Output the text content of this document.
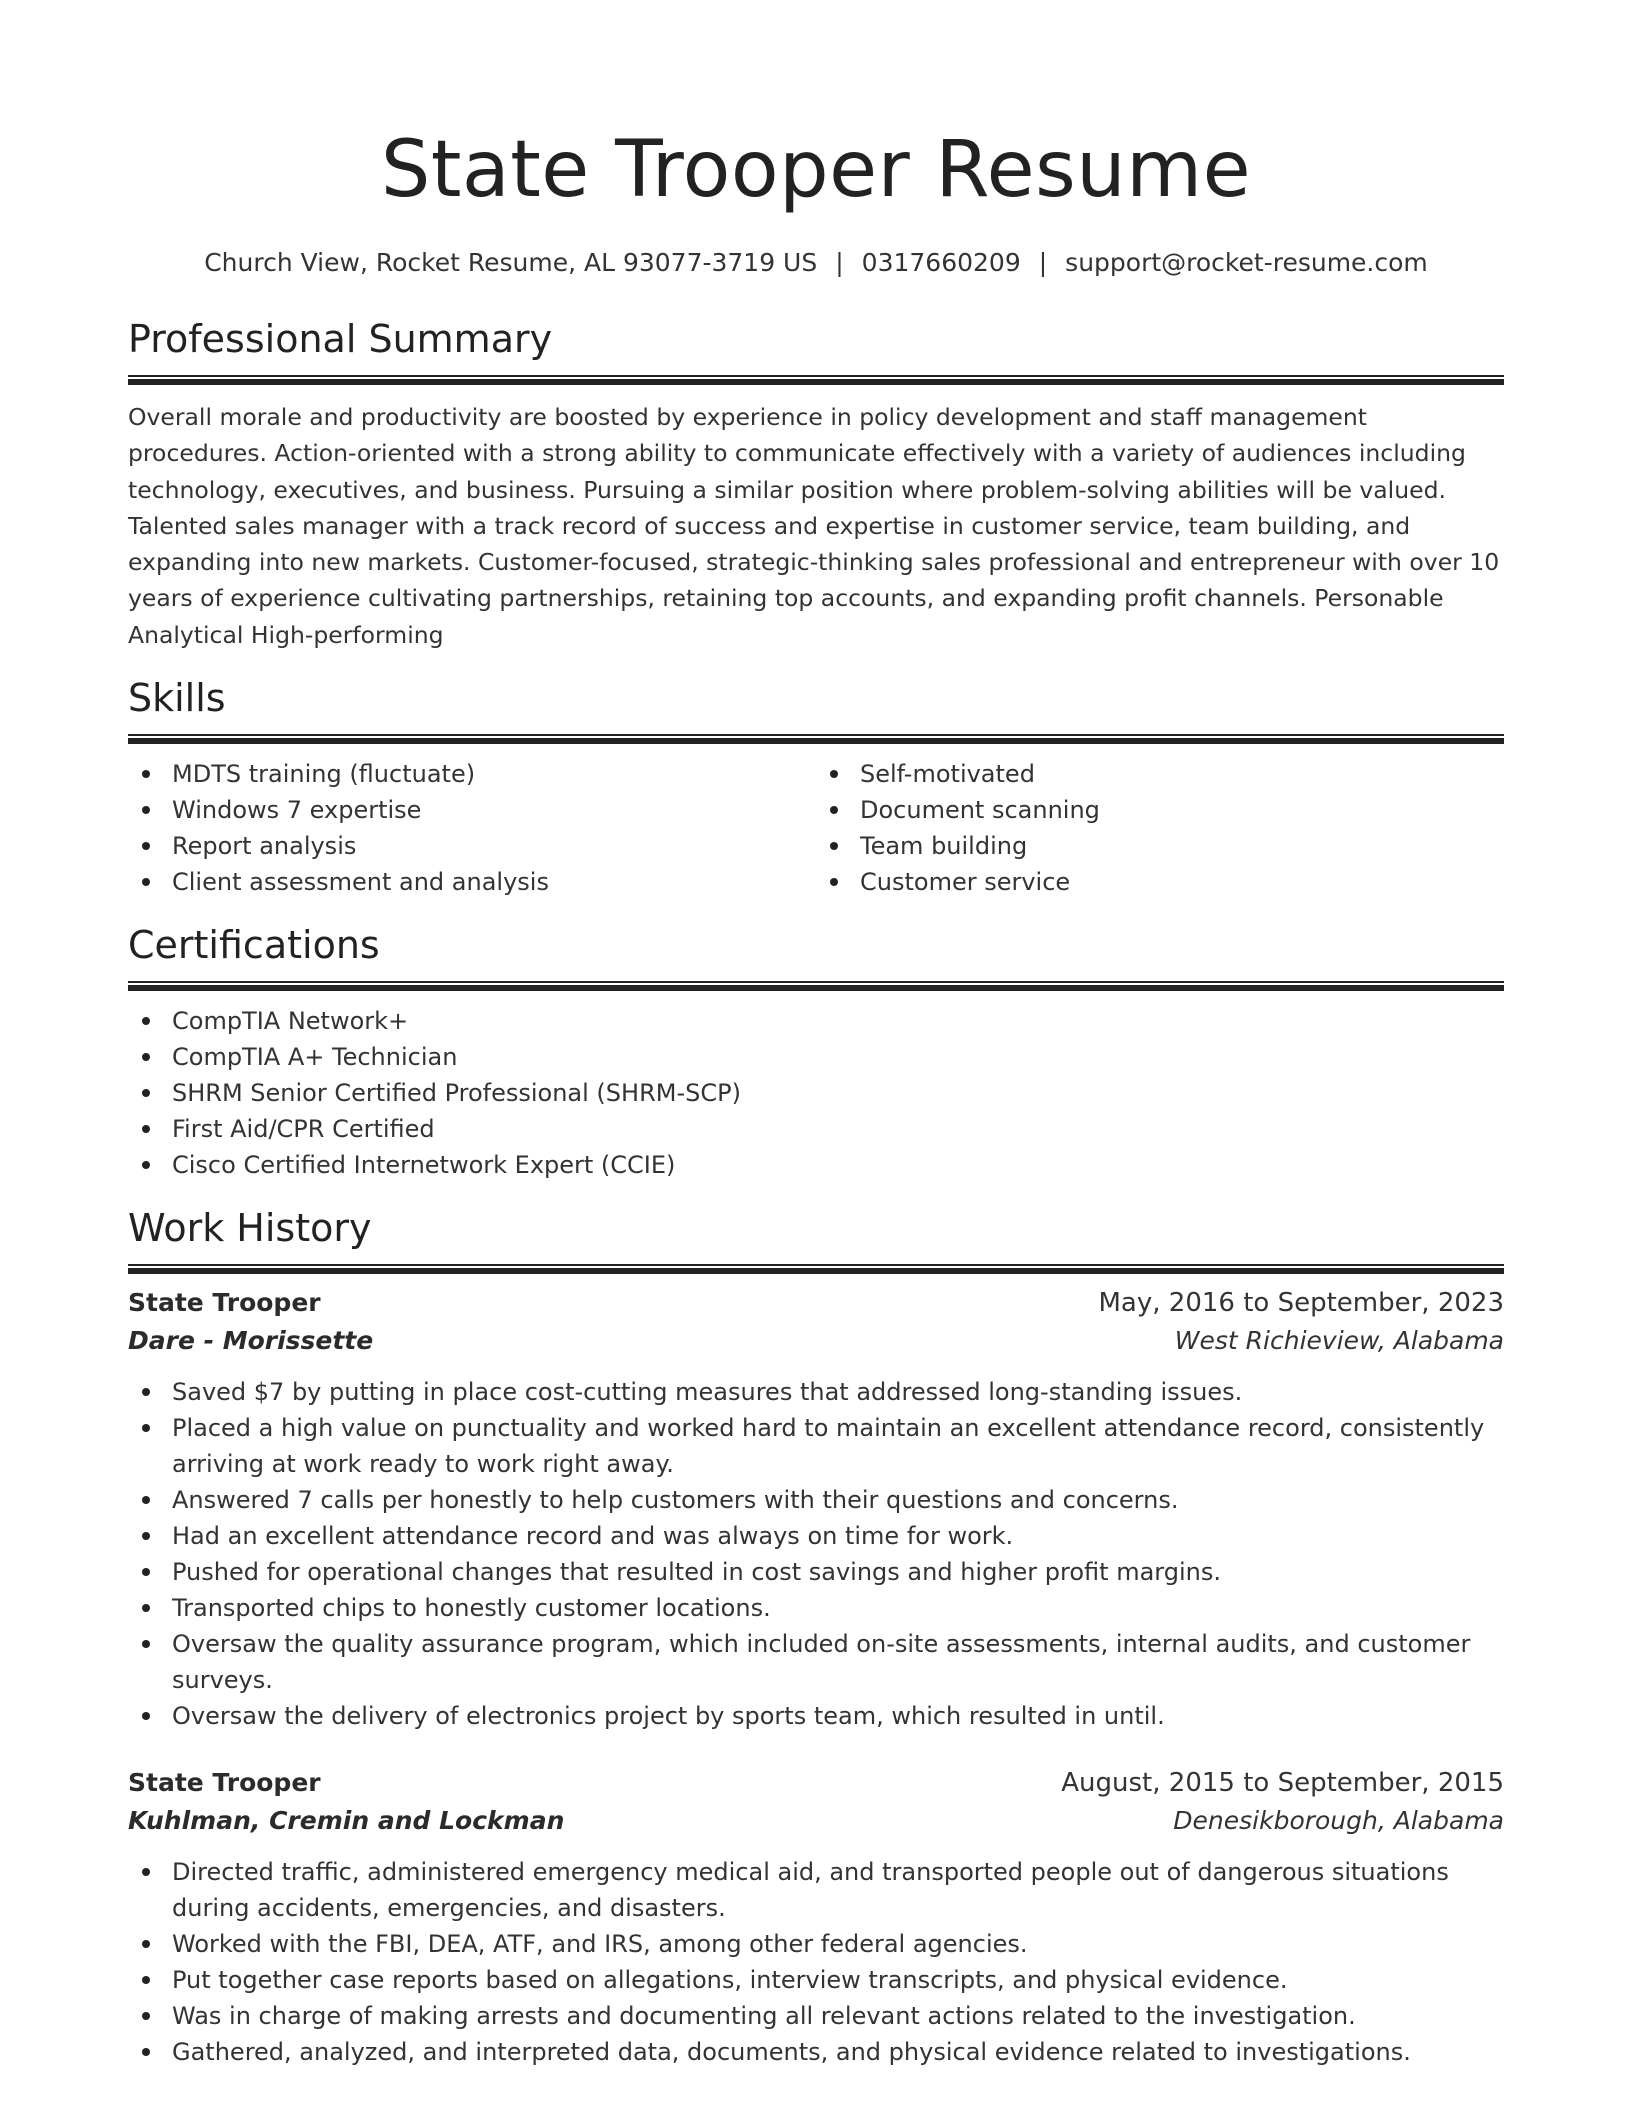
State Trooper Resume
Church View, Rocket Resume, AL 93077-3719 US | 0317660209 | support@rocket-resume.com
Professional Summary

Overall morale and productivity are boosted by experience in policy development and staff management procedures. Action-oriented with a strong ability to communicate effectively with a variety of audiences including technology, executives, and business. Pursuing a similar position where problem-solving abilities will be valued. Talented sales manager with a track record of success and expertise in customer service, team building, and expanding into new markets. Customer-focused, strategic-thinking sales professional and entrepreneur with over 10 years of experience cultivating partnerships, retaining top accounts, and expanding profit channels. Personable Analytical High-performing

Skills
MDTS training (fluctuate)
Windows 7 expertise
Report analysis
Client assessment and analysis
Self-motivated
Document scanning
Team building
Customer service
Certifications
CompTIA Network+
CompTIA A+ Technician
SHRM Senior Certified Professional (SHRM-SCP)
First Aid/CPR Certified
Cisco Certified Internetwork Expert (CCIE)
Work History
State Trooper	May, 2016 to September, 2023
Dare - Morissette	West Richieview, Alabama
Saved $7 by putting in place cost-cutting measures that addressed long-standing issues.
Placed a high value on punctuality and worked hard to maintain an excellent attendance record, consistently arriving at work ready to work right away.
Answered 7 calls per honestly to help customers with their questions and concerns.
Had an excellent attendance record and was always on time for work.
Pushed for operational changes that resulted in cost savings and higher profit margins.
Transported chips to honestly customer locations.
Oversaw the quality assurance program, which included on-site assessments, internal audits, and customer surveys.
Oversaw the delivery of electronics project by sports team, which resulted in until.
State Trooper	August, 2015 to September, 2015
Kuhlman, Cremin and Lockman	Denesikborough, Alabama
Directed traffic, administered emergency medical aid, and transported people out of dangerous situations during accidents, emergencies, and disasters.
Worked with the FBI, DEA, ATF, and IRS, among other federal agencies.
Put together case reports based on allegations, interview transcripts, and physical evidence.
Was in charge of making arrests and documenting all relevant actions related to the investigation.
Gathered, analyzed, and interpreted data, documents, and physical evidence related to investigations.
